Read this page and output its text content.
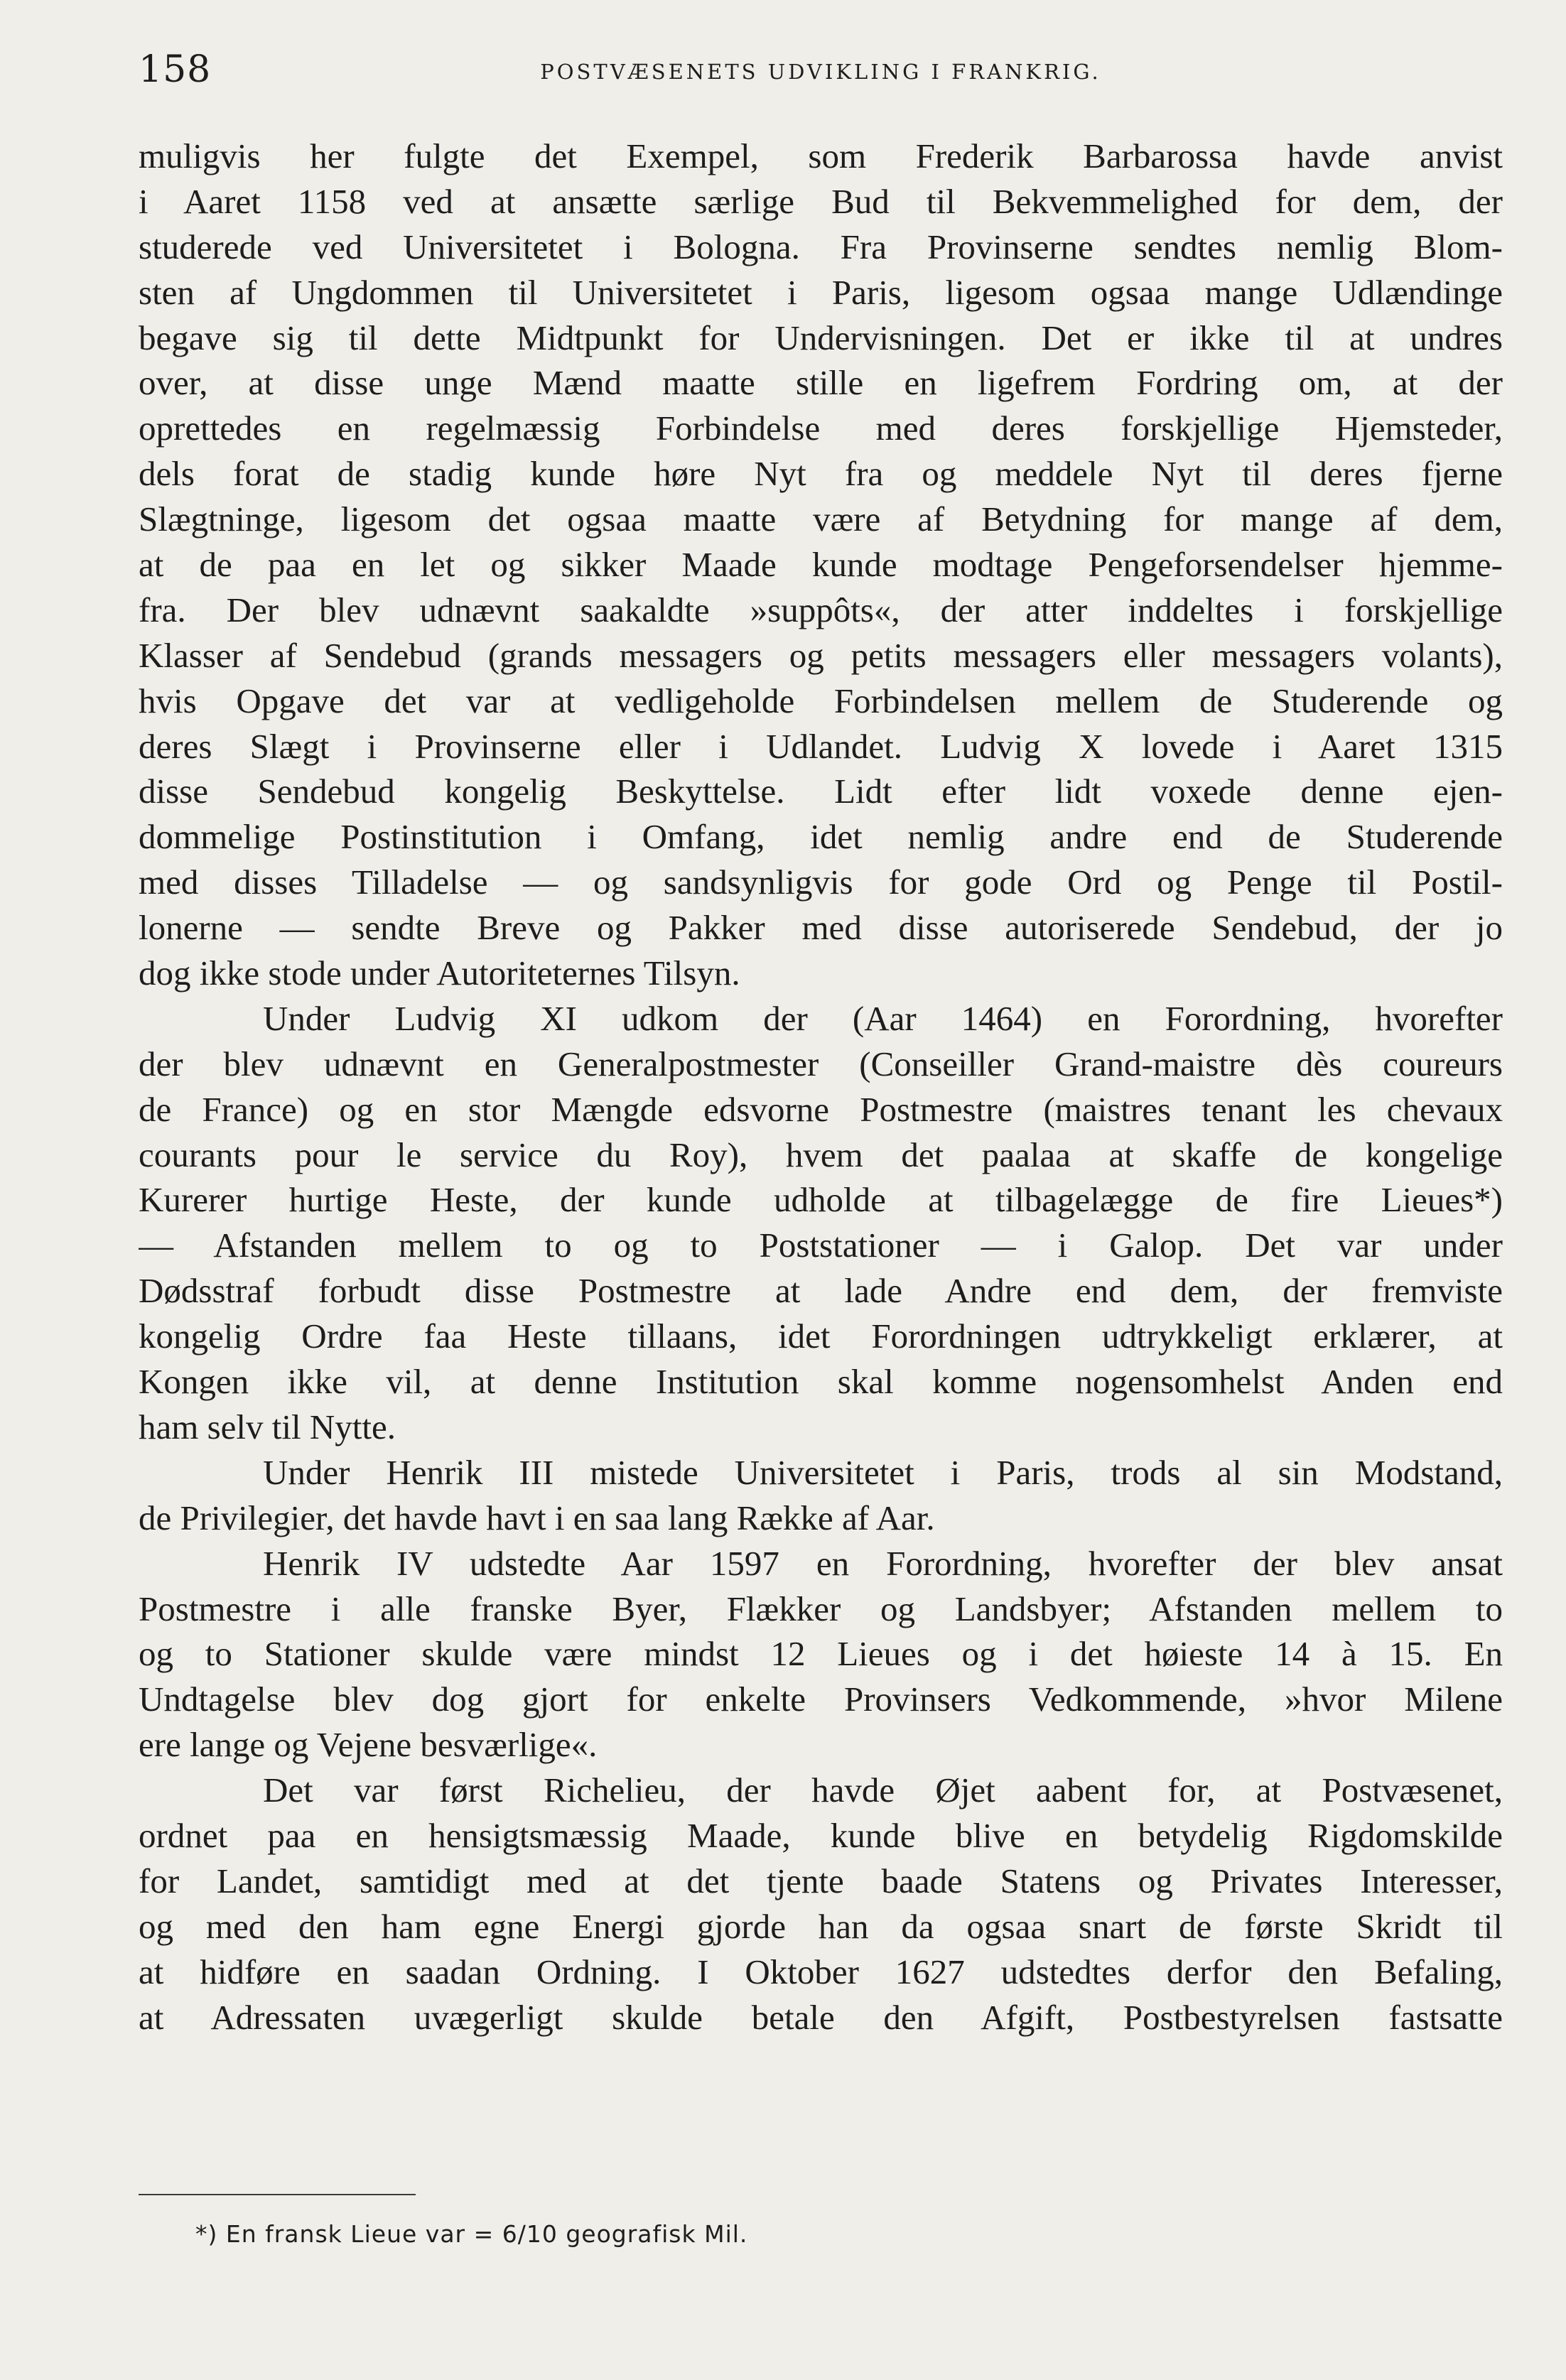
158	POSTVÆSENETS UDVIKLING I FRANKRIG.
muligvis her fulgte det Exempel, som Frederik Barbarossa havde anvist
i Aaret 1158 ved at ansætte særlige Bud til Bekvemmelighed for dem, der
studerede ved Universitetet i Bologna. Fra Provinserne sendtes nemlig Blom-
sten af Ungdommen til Universitetet i Paris, ligesom ogsaa mange Udlændinge
begave sig til dette Midtpunkt for Undervisningen. Det er ikke til at undres
over, at disse unge Mænd maatte stille en ligefrem Fordring om, at der
oprettedes en regelmæssig Forbindelse med deres forskjellige Hjemsteder,
dels forat de stadig kunde høre Nyt fra og meddele Nyt til deres fjerne
Slægtninge, ligesom det ogsaa maatte være af Betydning for mange af dem,
at de paa en let og sikker Maade kunde modtage Pengeforsendelser hjemme-
fra. Der blev udnævnt saakaldte »suppôts«, der atter inddeltes i forskjellige
Klasser af Sendebud (grands messagers og petits messagers eller messagers volants),
hvis Opgave det var at vedligeholde Forbindelsen mellem de Studerende og
deres Slægt i Provinserne eller i Udlandet. Ludvig X lovede i Aaret 1315
disse Sendebud kongelig Beskyttelse. Lidt efter lidt voxede denne ejen-
dommelige Postinstitution i Omfang, idet nemlig andre end de Studerende
med disses Tilladelse — og sandsynligvis for gode Ord og Penge til Postil-
lonerne — sendte Breve og Pakker med disse autoriserede Sendebud, der jo
dog ikke stode under Autoriteternes Tilsyn.
Under Ludvig XI udkom der (Aar 1464) en Forordning, hvorefter
der blev udnævnt en Generalpostmester (Conseiller Grand-maistre dès coureurs
de France) og en stor Mængde edsvorne Postmestre (maistres tenant les chevaux
courants pour le service du Roy), hvem det paalaa at skaffe de kongelige
Kurerer hurtige Heste, der kunde udholde at tilbagelægge de fire Lieues*)
— Afstanden mellem to og to Poststationer — i Galop. Det var under
Dødsstraf forbudt disse Postmestre at lade Andre end dem, der fremviste
kongelig Ordre faa Heste tillaans, idet Forordningen udtrykkeligt erklærer, at
Kongen ikke vil, at denne Institution skal komme nogensomhelst Anden end
ham selv til Nytte.
Under Henrik III mistede Universitetet i Paris, trods al sin Modstand,
de Privilegier, det havde havt i en saa lang Række af Aar.
Henrik IV udstedte Aar 1597 en Forordning, hvorefter der blev ansat
Postmestre i alle franske Byer, Flækker og Landsbyer; Afstanden mellem to
og to Stationer skulde være mindst 12 Lieues og i det høieste 14 à 15. En
Undtagelse blev dog gjort for enkelte Provinsers Vedkommende, »hvor Milene
ere lange og Vejene besværlige«.
Det var først Richelieu, der havde Øjet aabent for, at Postvæsenet,
ordnet paa en hensigtsmæssig Maade, kunde blive en betydelig Rigdomskilde
for Landet, samtidigt med at det tjente baade Statens og Privates Interesser,
og med den ham egne Energi gjorde han da ogsaa snart de første Skridt til
at hidføre en saadan Ordning. I Oktober 1627 udstedtes derfor den Befaling,
at Adressaten uvægerligt skulde betale den Afgift, Postbestyrelsen fastsatte
*) En fransk Lieue var = 6/10 geografisk Mil.
